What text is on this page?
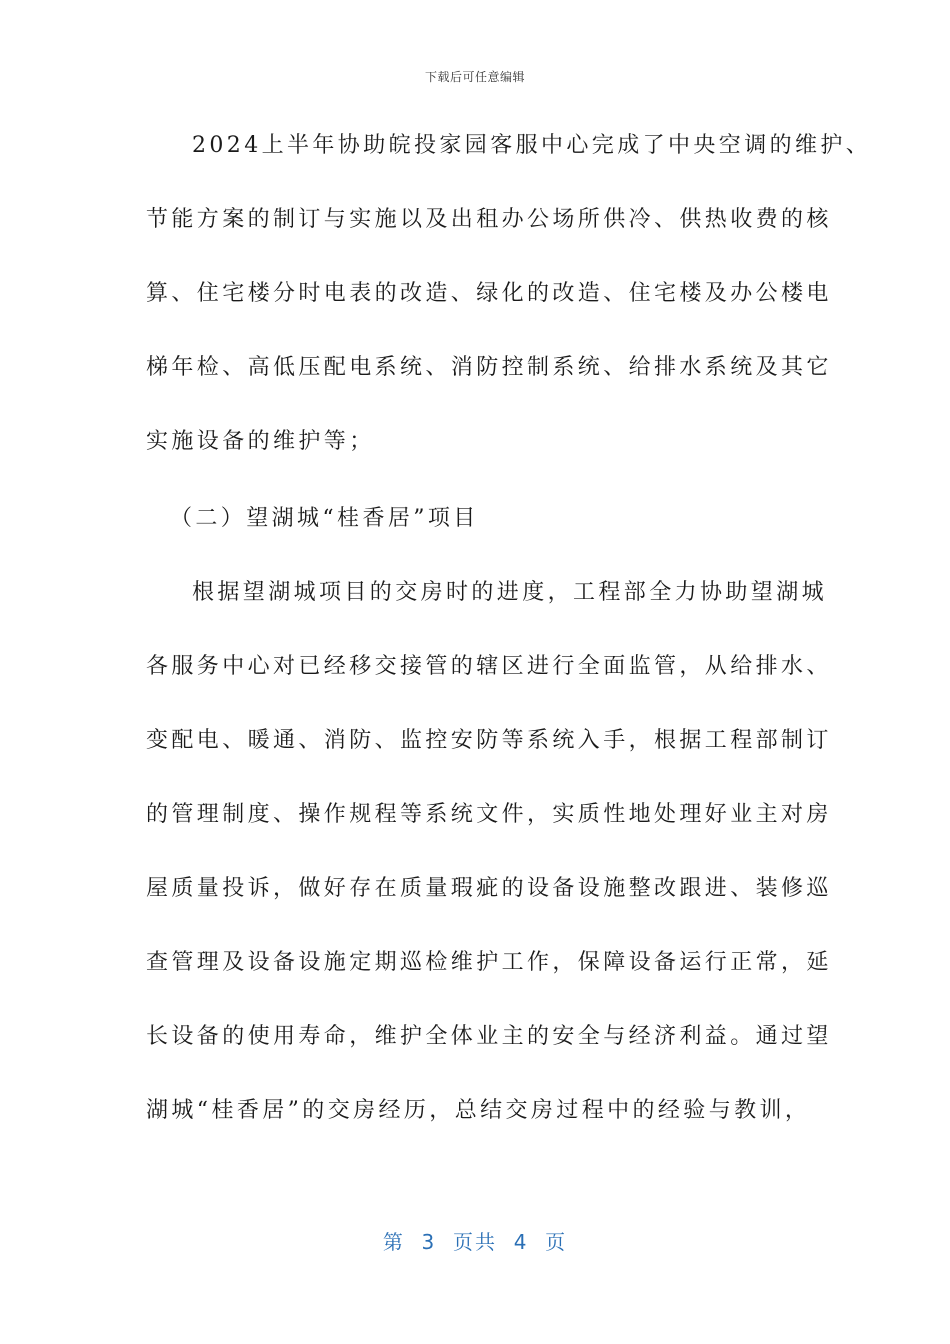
下载后可任意编辑
2024上半年协助皖投家园客服中心完成了中央空调的维护、
节能方案的制订与实施以及出租办公场所供冷、供热收费的核
算、住宅楼分时电表的改造、绿化的改造、住宅楼及办公楼电
梯年检、高低压配电系统、消防控制系统、给排水系统及其它
实施设备的维护等；
（二）望湖城“桂香居”项目
根据望湖城项目的交房时的进度，工程部全力协助望湖城
各服务中心对已经移交接管的辖区进行全面监管，从给排水、
变配电、暖通、消防、监控安防等系统入手，根据工程部制订
的管理制度、操作规程等系统文件，实质性地处理好业主对房
屋质量投诉，做好存在质量瑕疵的设备设施整改跟进、装修巡
查管理及设备设施定期巡检维护工作，保障设备运行正常，延
长设备的使用寿命，维护全体业主的安全与经济利益。通过望
湖城“桂香居”的交房经历，总结交房过程中的经验与教训，
第  3  页共  4  页
